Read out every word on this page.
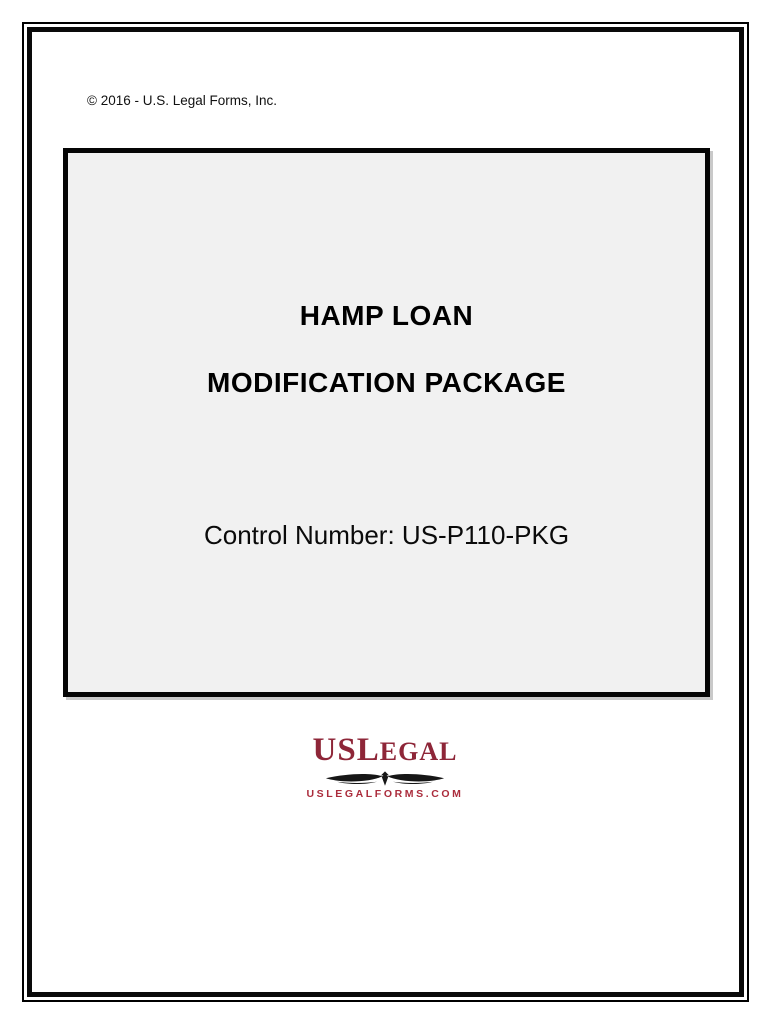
© 2016 - U.S. Legal Forms, Inc.
HAMP LOAN
MODIFICATION PACKAGE
Control Number: US-P110-PKG
USLEGAL
USLEGALFORMS.COM
